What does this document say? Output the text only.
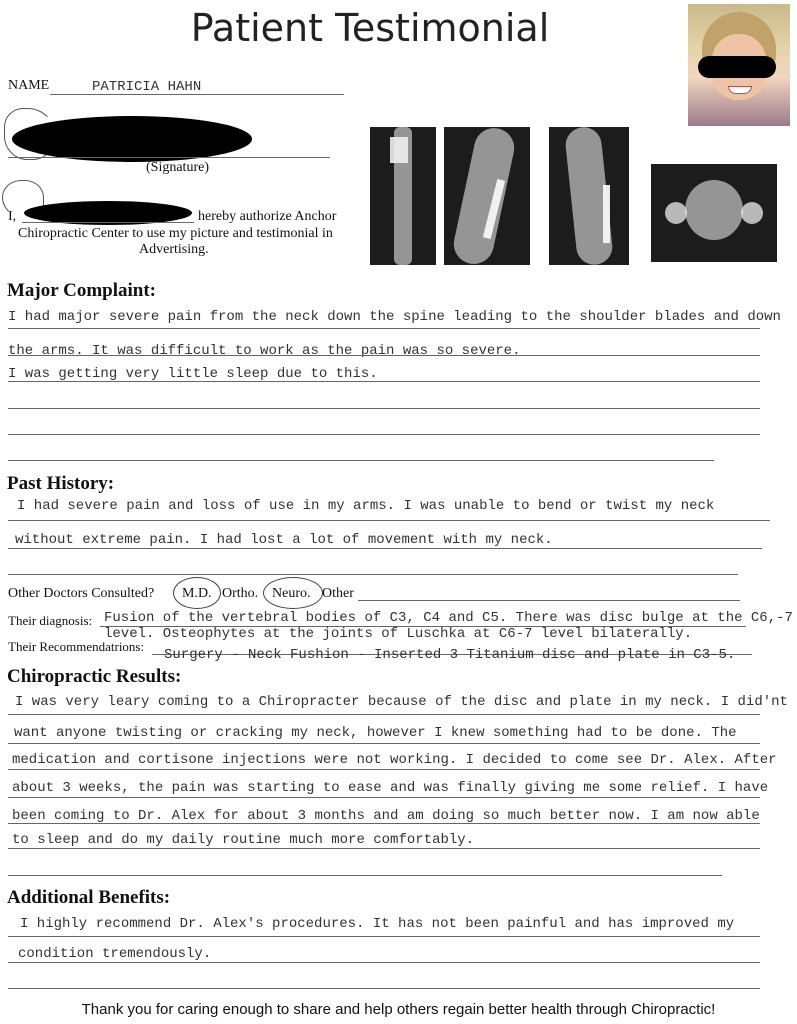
Patient Testimonial
NAME	PATRICIA HAHN
(Signature)
I,	hereby authorize Anchor
Chiropractic Center to use my picture and testimonial in
Advertising.
Major Complaint:
I had major severe pain from the neck down the spine leading to the shoulder blades and down
the arms. It was difficult to work as the pain was so severe.
I was getting very little sleep due to this.
Past History:
I had severe pain and loss of use in my arms. I was unable to bend or twist my neck
without extreme pain. I had lost a lot of movement with my neck.
Other Doctors Consulted? M.D. Ortho. Neuro. Other
Their diagnosis: Fusion of the vertebral bodies of C3, C4 and C5. There was disc bulge at the C6,-7
level. Osteophytes at the joints of Luschka at C6-7 level bilaterally.
Their Recommendatrions:
Surgery - Neck Fushion - Inserted 3 Titanium disc and plate in C3-5.
Chiropractic Results:
I was very leary coming to a Chiropracter because of the disc and plate in my neck. I did'nt
want anyone twisting or cracking my neck, however I knew something had to be done. The
medication and cortisone injections were not working. I decided to come see Dr. Alex. After
about 3 weeks, the pain was starting to ease and was finally giving me some relief. I have
been coming to Dr. Alex for about 3 months and am doing so much better now. I am now able
to sleep and do my daily routine much more comfortably.
Additional Benefits:
I highly recommend Dr. Alex's procedures. It has not been painful and has improved my
condition tremendously.
Thank you for caring enough to share and help others regain better health through Chiropractic!
